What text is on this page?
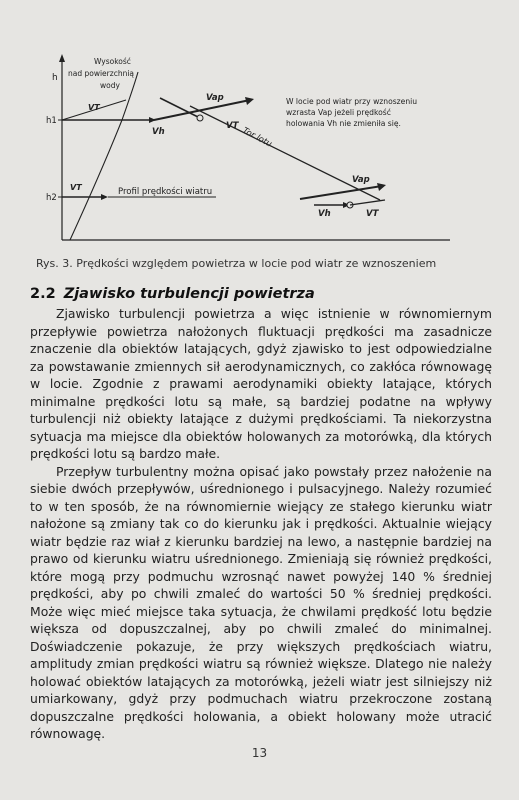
h
Wysokość
nad powierzchnią
wody
h1
h2
Tor lotu
Vh
VT
Vap
VT
W locie pod wiatr przy wznoszeniu
wzrasta Vap jeżeli prędkość
holowania Vh nie zmieniła się.
VT	Profil prędkości wiatru
Vap
Vh	VT
Rys. 3. Prędkości względem powietrza w locie pod wiatr ze wznoszeniem
2.2 Zjawisko turbulencji powietrza

Zjawisko turbulencji powietrza a więc istnienie w równomiernym przepływie powietrza nałożonych fluktuacji prędkości ma zasadnicze znaczenie dla obiektów latających, gdyż zjawisko to jest odpowiedzialne za powstawanie zmiennych sił aerodynamicznych, co zakłóca równowagę w locie. Zgodnie z prawami aerodynamiki obiekty latające, których minimalne prędkości lotu są małe, są bardziej podatne na wpływy turbulencji niż obiekty latające z dużymi prędkościami. Ta niekorzystna sytuacja ma miejsce dla obiektów holowanych za motorówką, dla których prędkości lotu są bardzo małe.

Przepływ turbulentny można opisać jako powstały przez nałożenie na siebie dwóch przepływów, uśrednionego i pulsacyjnego. Należy rozumieć to w ten sposób, że na równomiernie wiejący ze stałego kierunku wiatr nałożone są zmiany tak co do kierunku jak i prędkości. Aktualnie wiejący wiatr będzie raz wiał z kierunku bardziej na lewo, a następnie bardziej na prawo od kierunku wiatru uśrednionego. Zmieniają się również prędkości, które mogą przy podmuchu wzrosnąć nawet powyżej 140 % średniej prędkości, aby po chwili zmaleć do wartości 50 % średniej prędkości. Może więc mieć miejsce taka sytuacja, że chwilami prędkość lotu będzie większa od dopuszczalnej, aby po chwili zmaleć do minimalnej. Doświadczenie pokazuje, że przy większych prędkościach wiatru, amplitudy zmian prędkości wiatru są również większe. Dlatego nie należy holować obiektów latających za motorówką, jeżeli wiatr jest silniejszy niż umiarkowany, gdyż przy podmuchach wiatru przekroczone zostaną dopuszczalne prędkości holowania, a obiekt holowany może utracić równowagę.

13
